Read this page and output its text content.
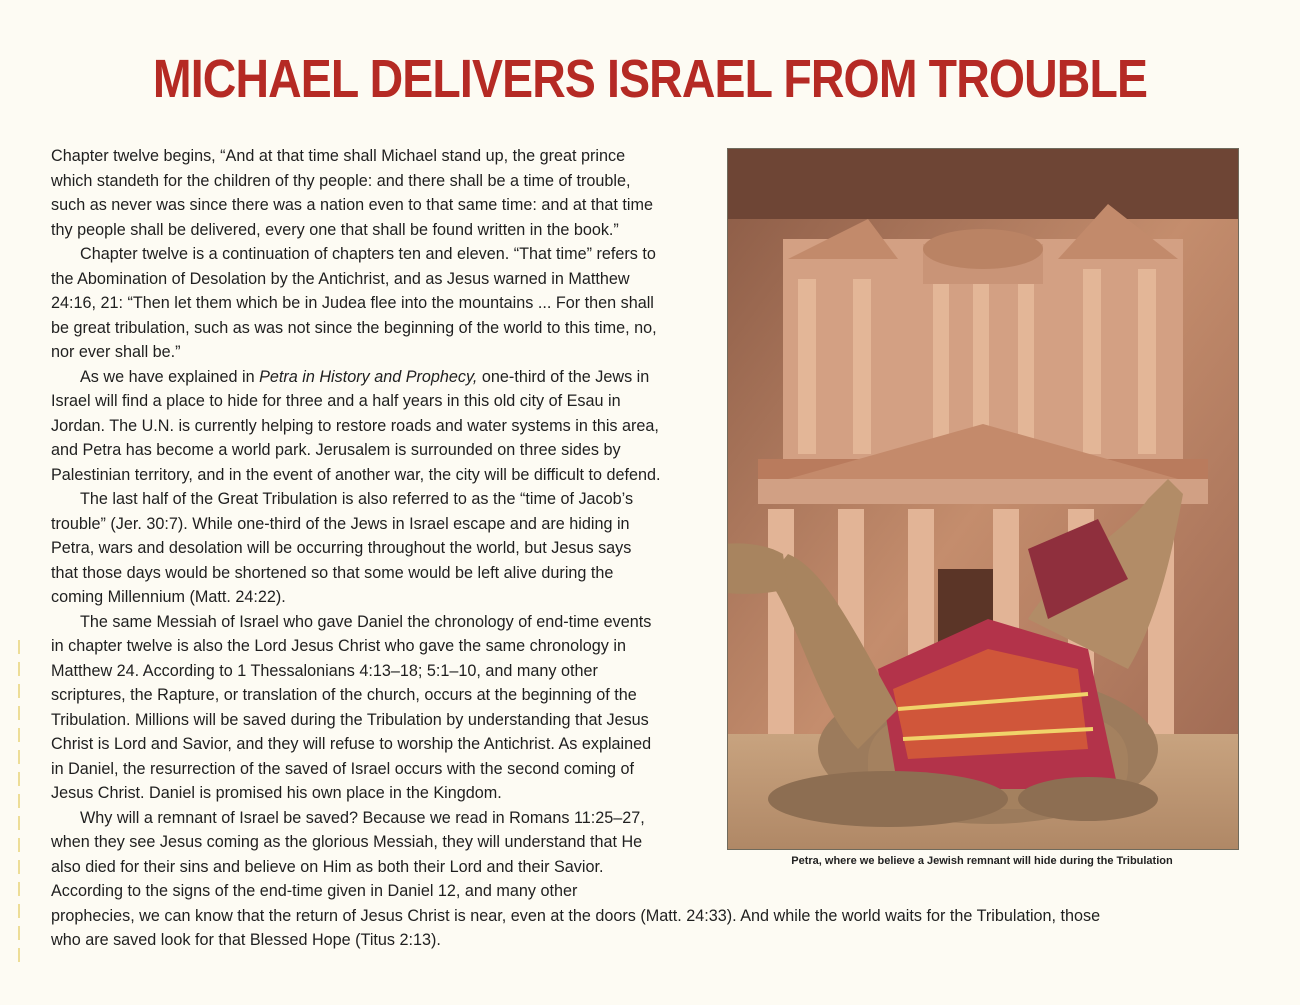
MICHAEL DELIVERS ISRAEL FROM TROUBLE

Chapter twelve begins, “And at that time shall Michael stand up, the great prince which standeth for the children of thy people: and there shall be a time of trouble, such as never was since there was a nation even to that same time: and at that time thy people shall be delivered, every one that shall be found written in the book.”

Chapter twelve is a continuation of chapters ten and eleven. “That time” refers to the Abomination of Desolation by the Antichrist, and as Jesus warned in Matthew 24:16, 21: “Then let them which be in Judea flee into the mountains ... For then shall be great tribulation, such as was not since the beginning of the world to this time, no, nor ever shall be.”

As we have explained in Petra in History and Prophecy, one-third of the Jews in Israel will find a place to hide for three and a half years in this old city of Esau in Jordan. The U.N. is currently helping to restore roads and water systems in this area, and Petra has become a world park. Jerusalem is surrounded on three sides by Palestinian territory, and in the event of another war, the city will be difficult to defend.

The last half of the Great Tribulation is also referred to as the “time of Jacob’s trouble” (Jer. 30:7). While one-third of the Jews in Israel escape and are hiding in Petra, wars and desolation will be occurring throughout the world, but Jesus says that those days would be shortened so that some would be left alive during the coming Millennium (Matt. 24:22).

The same Messiah of Israel who gave Daniel the chronology of end-time events in chapter twelve is also the Lord Jesus Christ who gave the same chronology in Matthew 24. According to 1 Thessalonians 4:13–18; 5:1–10, and many other scriptures, the Rapture, or translation of the church, occurs at the beginning of the Tribulation. Millions will be saved during the Tribulation by understanding that Jesus Christ is Lord and Savior, and they will refuse to worship the Antichrist. As explained in Daniel, the resurrection of the saved of Israel occurs with the second coming of Jesus Christ. Daniel is promised his own place in the Kingdom.

Why will a remnant of Israel be saved? Because we read in Romans 11:25–27, when they see Jesus coming as the glorious Messiah, they will understand that He also died for their sins and believe on Him as both their Lord and their Savior. According to the signs of the end-time given in Daniel 12, and many other prophecies, we can know that the return of Jesus Christ is near, even at the doors (Matt. 24:33). And while the world waits for the Tribulation, those who are saved look for that Blessed Hope (Titus 2:13).

Petra, where we believe a Jewish remnant will hide during the Tribulation
